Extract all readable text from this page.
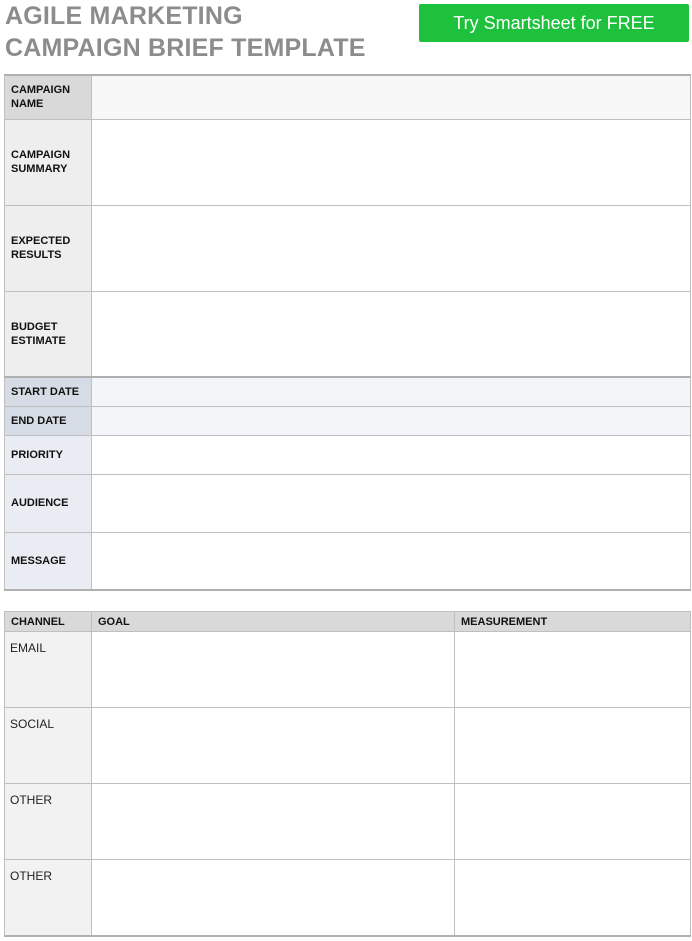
AGILE MARKETING
CAMPAIGN BRIEF TEMPLATE
Try Smartsheet for FREE
CAMPAIGN NAME	
CAMPAIGN SUMMARY	
EXPECTED RESULTS	
BUDGET ESTIMATE	
START DATE	
END DATE	
PRIORITY	
AUDIENCE	
MESSAGE	
CHANNEL	GOAL	MEASUREMENT
EMAIL		
SOCIAL		
OTHER		
OTHER		
